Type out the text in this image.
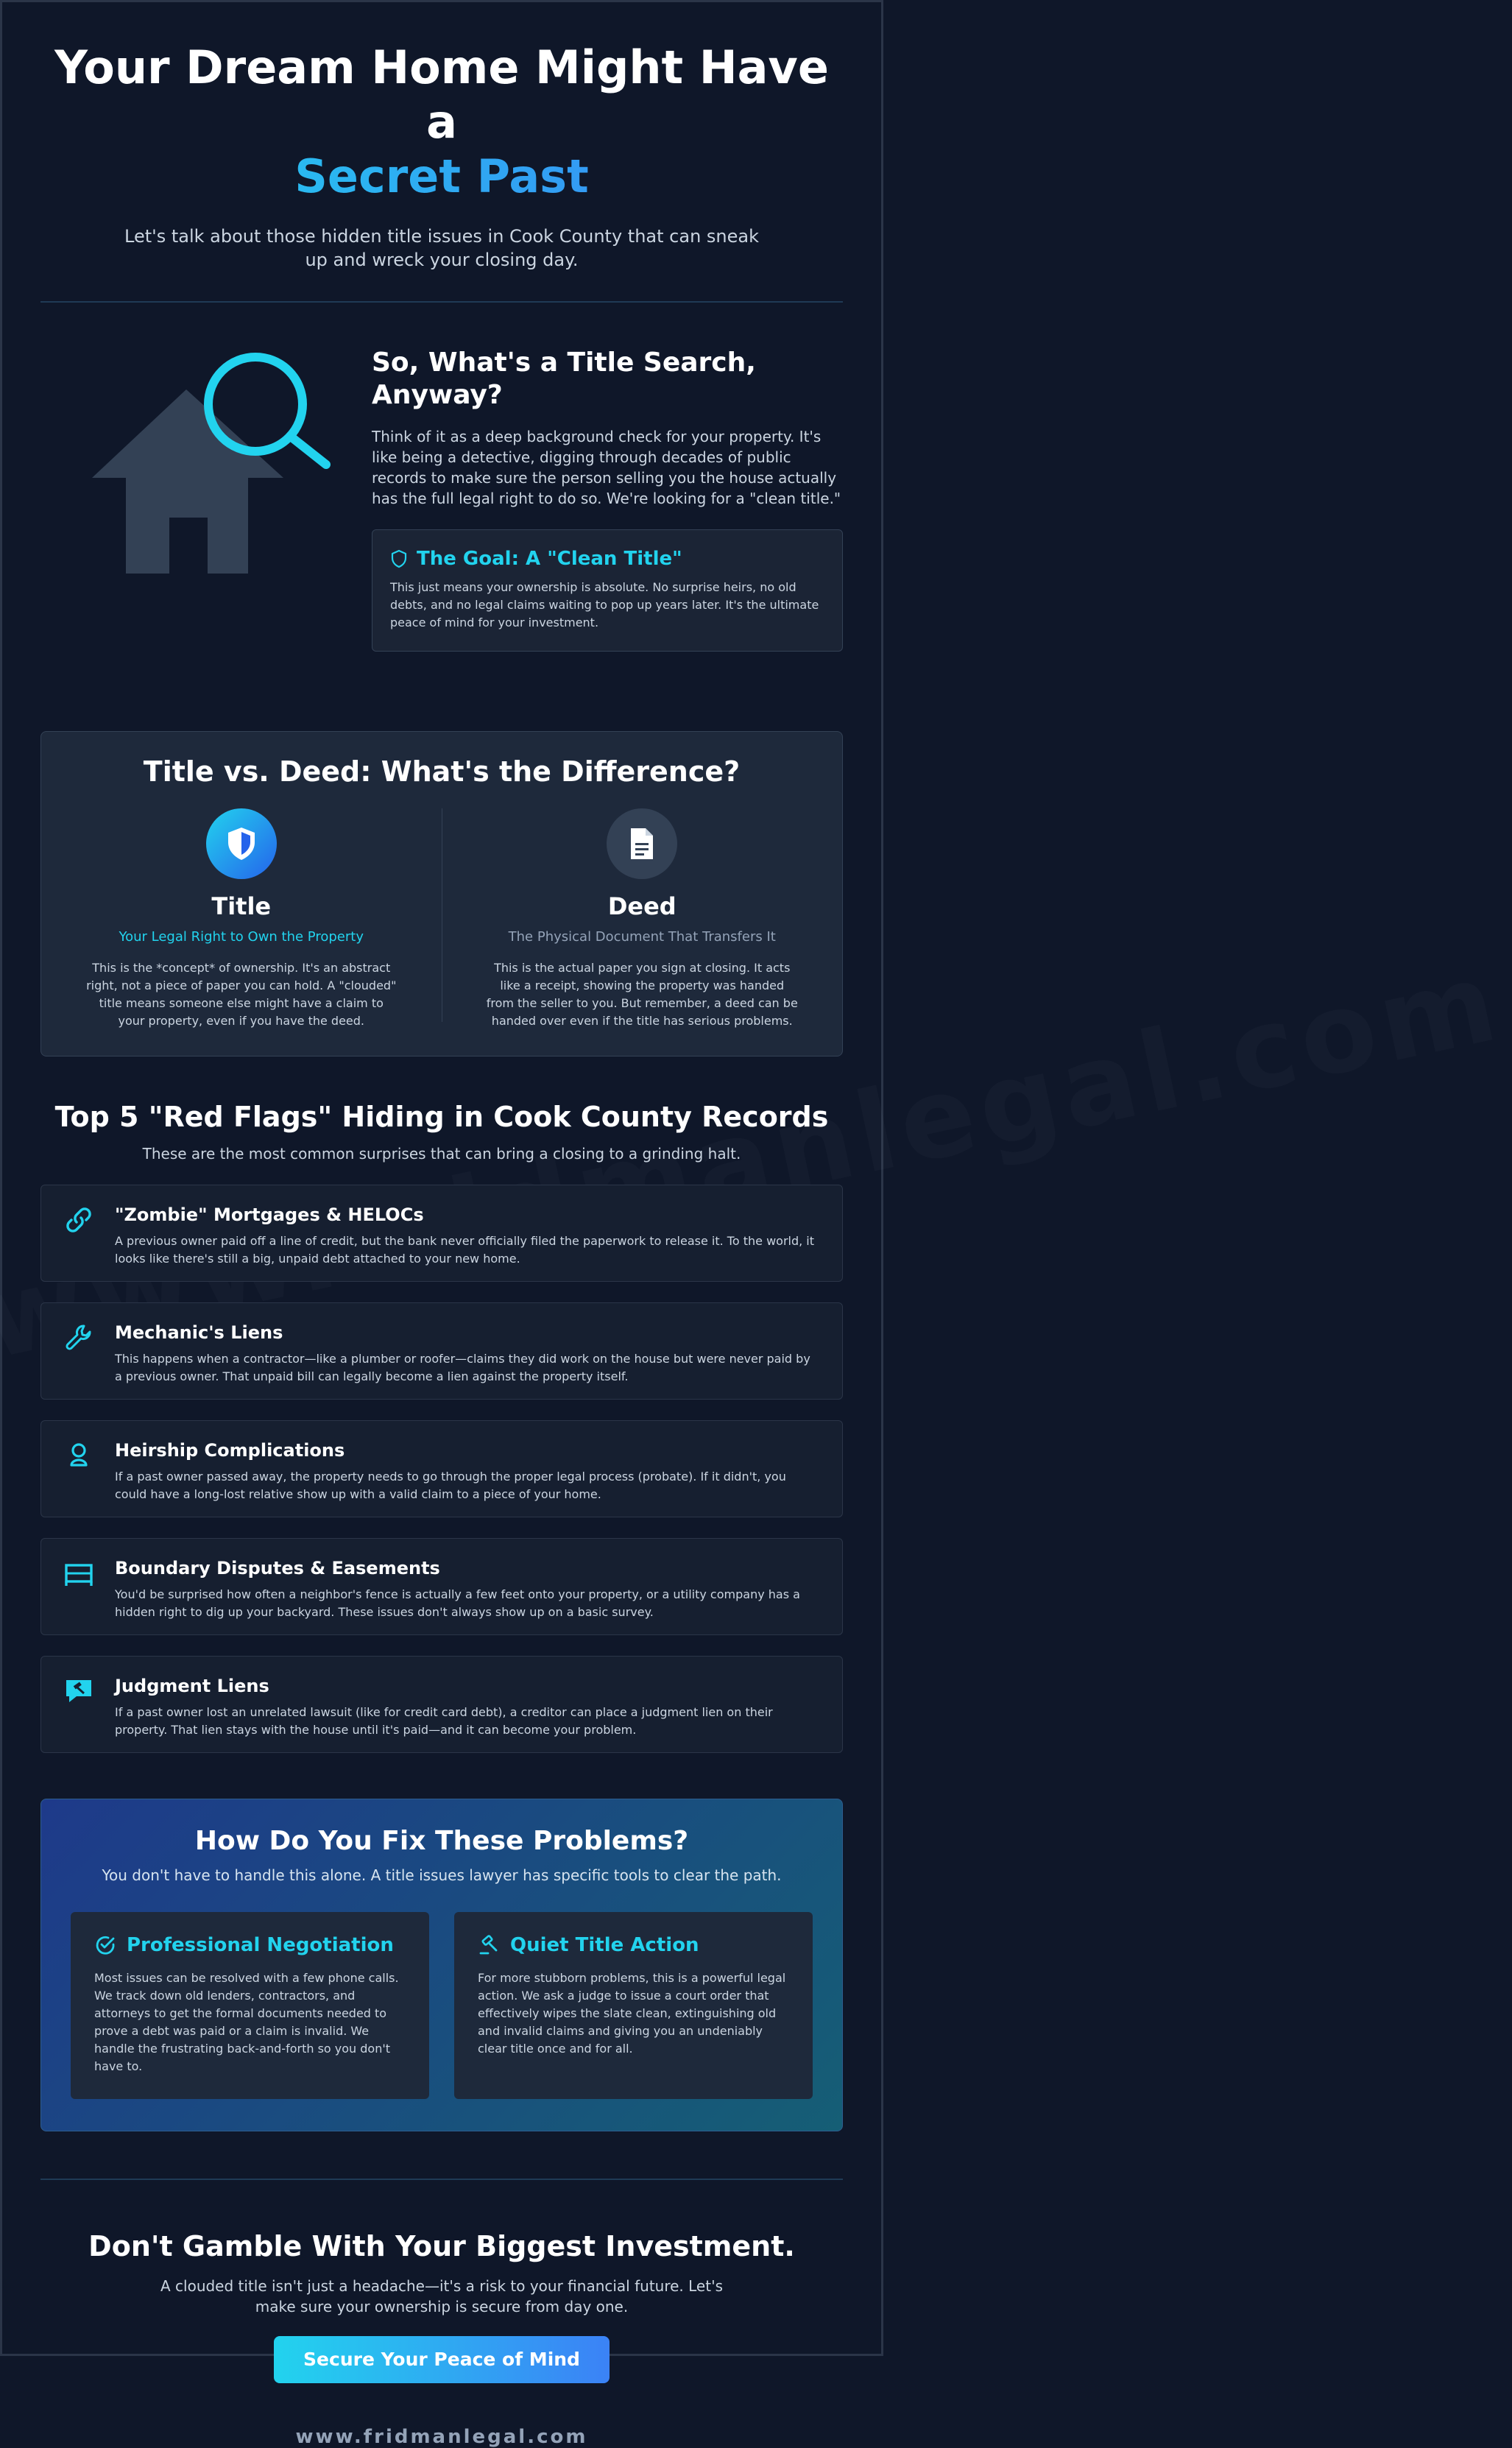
Your Dream Home Might Have a
Secret Past

Let's talk about those hidden title issues in Cook County that can sneak up and wreck your closing day.

So, What's a Title Search, Anyway?

Think of it as a deep background check for your property. It's like being a detective, digging through decades of public records to make sure the person selling you the house actually has the full legal right to do so. We're looking for a "clean title."

The Goal: A "Clean Title"

This just means your ownership is absolute. No surprise heirs, no old debts, and no legal claims waiting to pop up years later. It's the ultimate peace of mind for your investment.

Title vs. Deed: What's the Difference?
Title
Your Legal Right to Own the Property

This is the *concept* of ownership. It's an abstract right, not a piece of paper you can hold. A "clouded" title means someone else might have a claim to your property, even if you have the deed.

Deed
The Physical Document That Transfers It

This is the actual paper you sign at closing. It acts like a receipt, showing the property was handed from the seller to you. But remember, a deed can be handed over even if the title has serious problems.

Top 5 "Red Flags" Hiding in Cook County Records

These are the most common surprises that can bring a closing to a grinding halt.

"Zombie" Mortgages & HELOCs

A previous owner paid off a line of credit, but the bank never officially filed the paperwork to release it. To the world, it looks like there's still a big, unpaid debt attached to your new home.

Mechanic's Liens

This happens when a contractor—like a plumber or roofer—claims they did work on the house but were never paid by a previous owner. That unpaid bill can legally become a lien against the property itself.

Heirship Complications

If a past owner passed away, the property needs to go through the proper legal process (probate). If it didn't, you could have a long-lost relative show up with a valid claim to a piece of your home.

Boundary Disputes & Easements

You'd be surprised how often a neighbor's fence is actually a few feet onto your property, or a utility company has a hidden right to dig up your backyard. These issues don't always show up on a basic survey.

Judgment Liens

If a past owner lost an unrelated lawsuit (like for credit card debt), a creditor can place a judgment lien on their property. That lien stays with the house until it's paid—and it can become your problem.

How Do You Fix These Problems?

You don't have to handle this alone. A title issues lawyer has specific tools to clear the path.

Professional Negotiation

Most issues can be resolved with a few phone calls. We track down old lenders, contractors, and attorneys to get the formal documents needed to prove a debt was paid or a claim is invalid. We handle the frustrating back-and-forth so you don't have to.

Quiet Title Action

For more stubborn problems, this is a powerful legal action. We ask a judge to issue a court order that effectively wipes the slate clean, extinguishing old and invalid claims and giving you an undeniably clear title once and for all.

Don't Gamble With Your Biggest Investment.

A clouded title isn't just a headache—it's a risk to your financial future. Let's make sure your ownership is secure from day one.

Secure Your Peace of Mind
www.fridmanlegal.com
